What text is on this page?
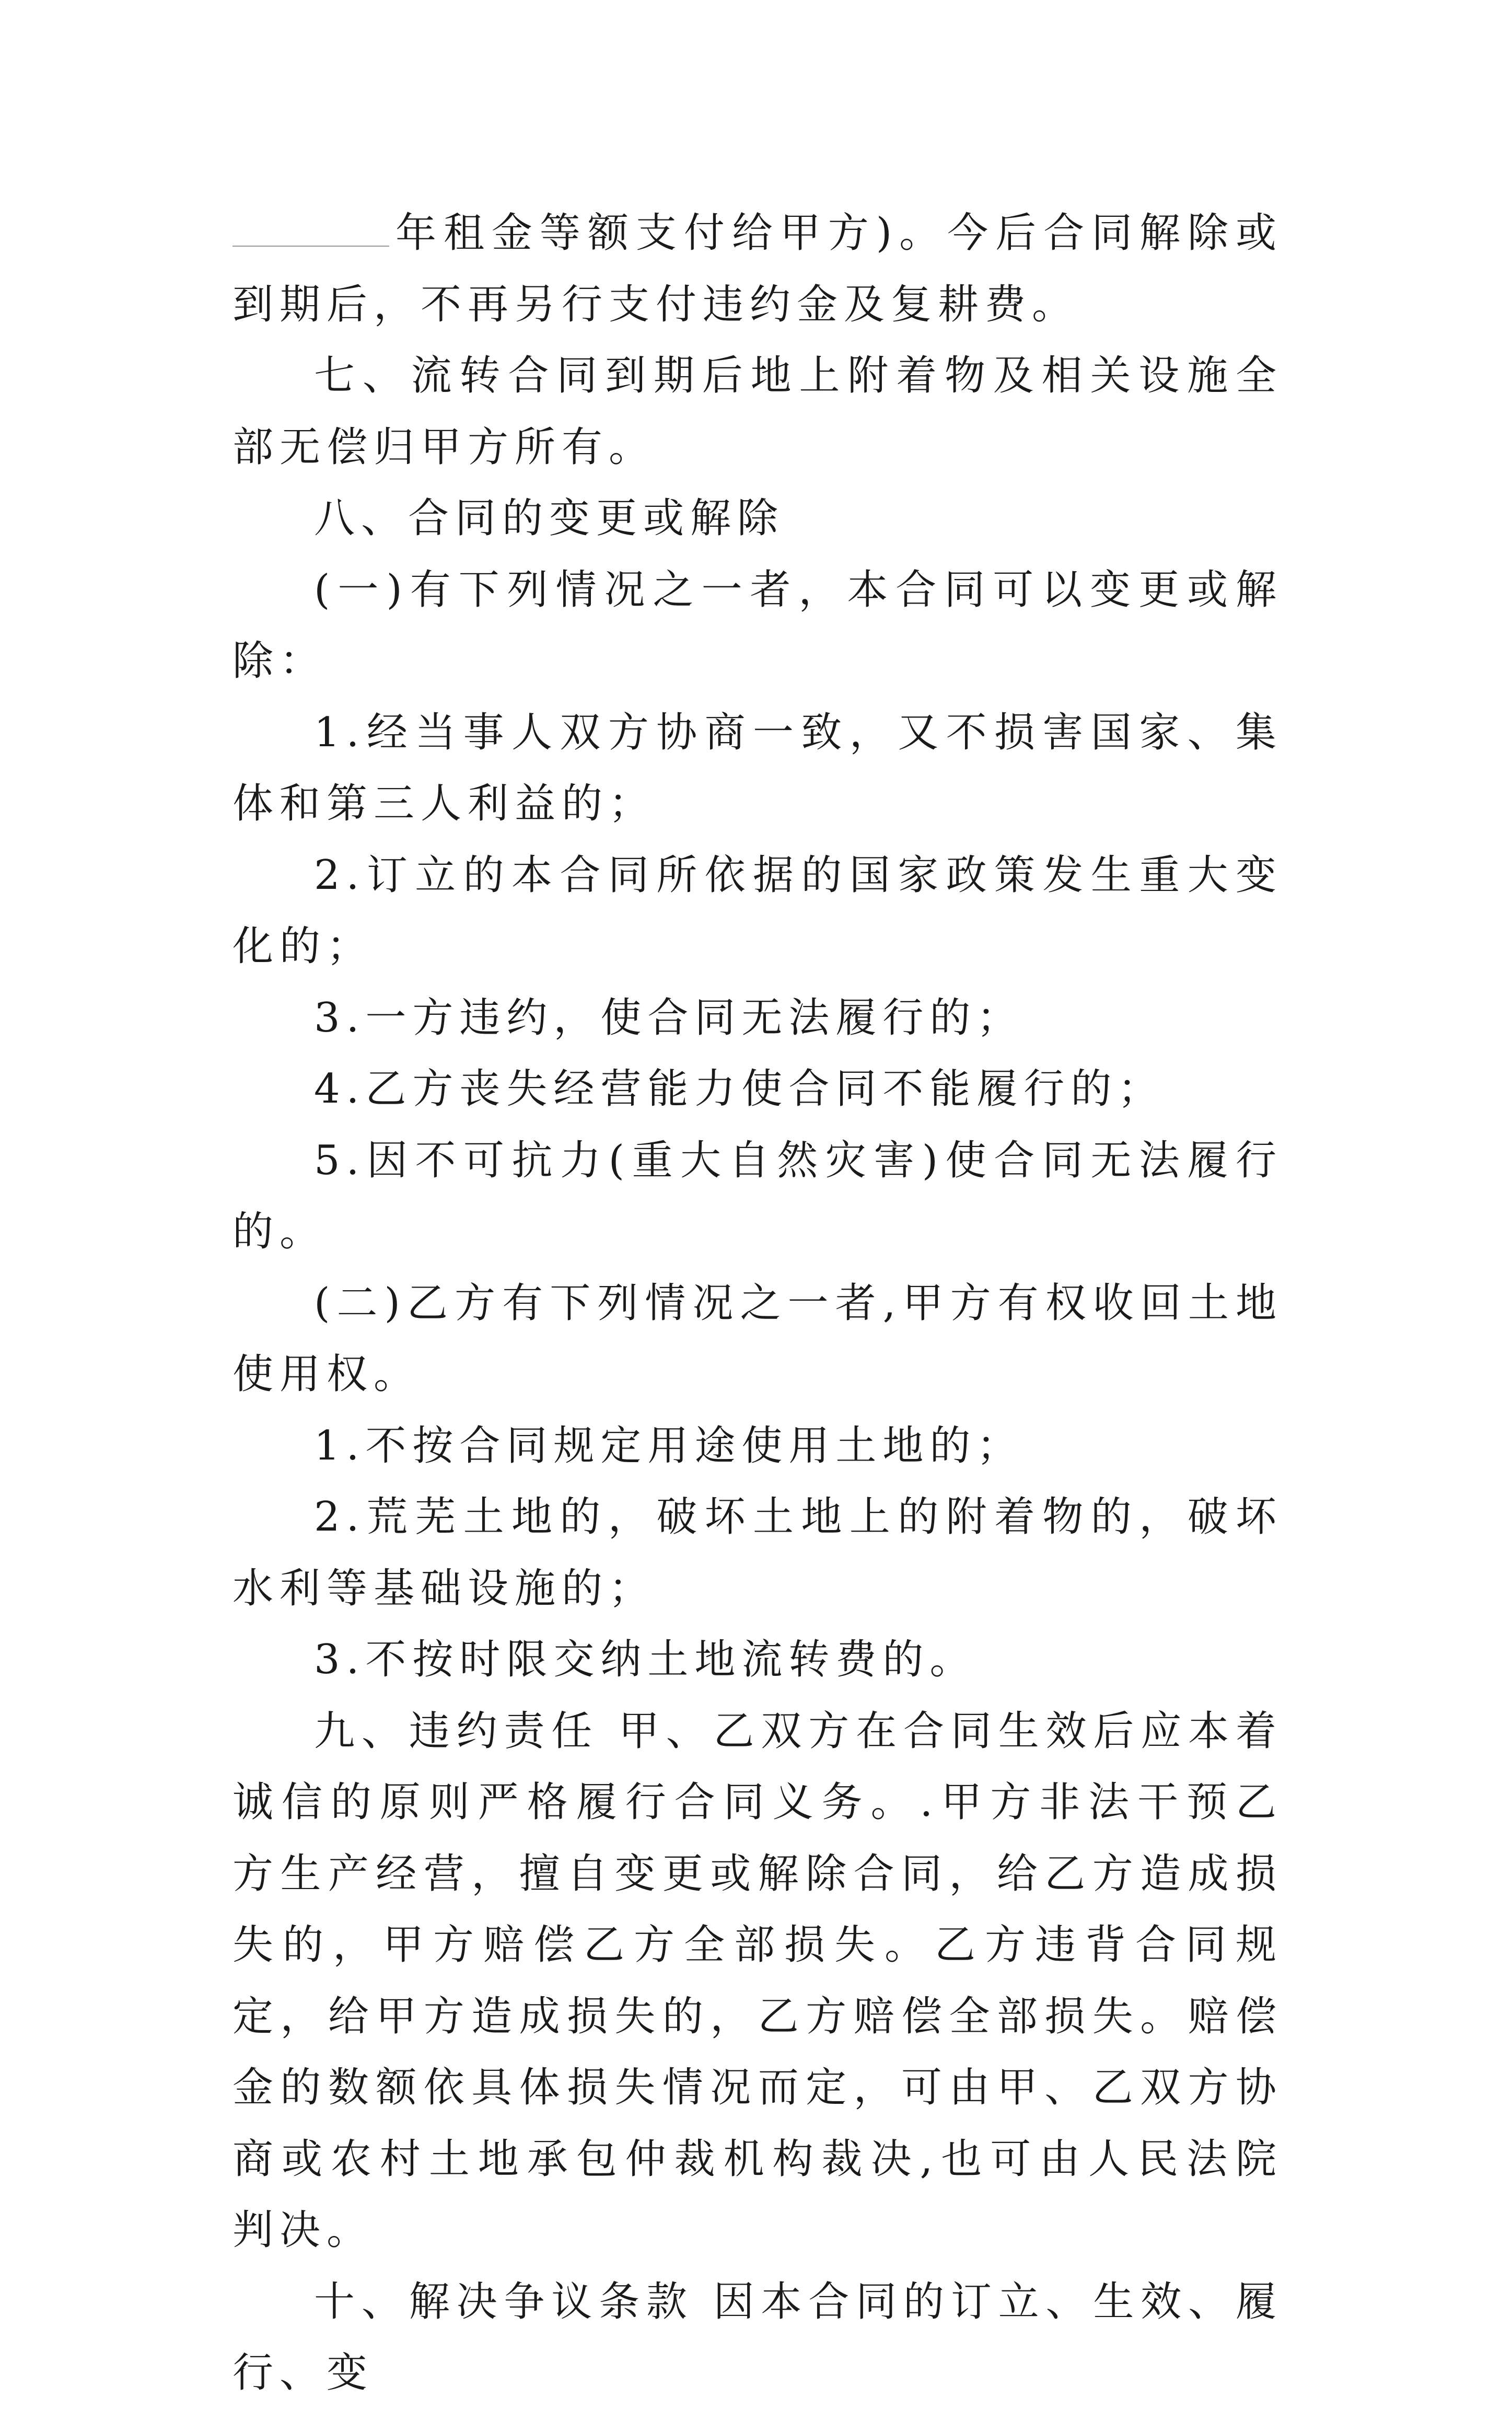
年租金等额支付给甲方)。今后合同解除或到期后，不再另行支付违约金及复耕费。

七、流转合同到期后地上附着物及相关设施全部无偿归甲方所有。

八、合同的变更或解除

(一)有下列情况之一者，本合同可以变更或解除：

1.经当事人双方协商一致，又不损害国家、集体和第三人利益的；

2.订立的本合同所依据的国家政策发生重大变化的；

3.一方违约，使合同无法履行的；

4.乙方丧失经营能力使合同不能履行的；

5.因不可抗力(重大自然灾害)使合同无法履行的。

(二)乙方有下列情况之一者,甲方有权收回土地使用权。

1.不按合同规定用途使用土地的；

2.荒芜土地的，破坏土地上的附着物的，破坏水利等基础设施的；

3.不按时限交纳土地流转费的。

九、违约责任 甲、乙双方在合同生效后应本着诚信的原则严格履行合同义务。.甲方非法干预乙方生产经营，擅自变更或解除合同，给乙方造成损失的，甲方赔偿乙方全部损失。乙方违背合同规定，给甲方造成损失的，乙方赔偿全部损失。赔偿金的数额依具体损失情况而定，可由甲、乙双方协商或农村土地承包仲裁机构裁决,也可由人民法院判决。

十、解决争议条款 因本合同的订立、生效、履行、变
